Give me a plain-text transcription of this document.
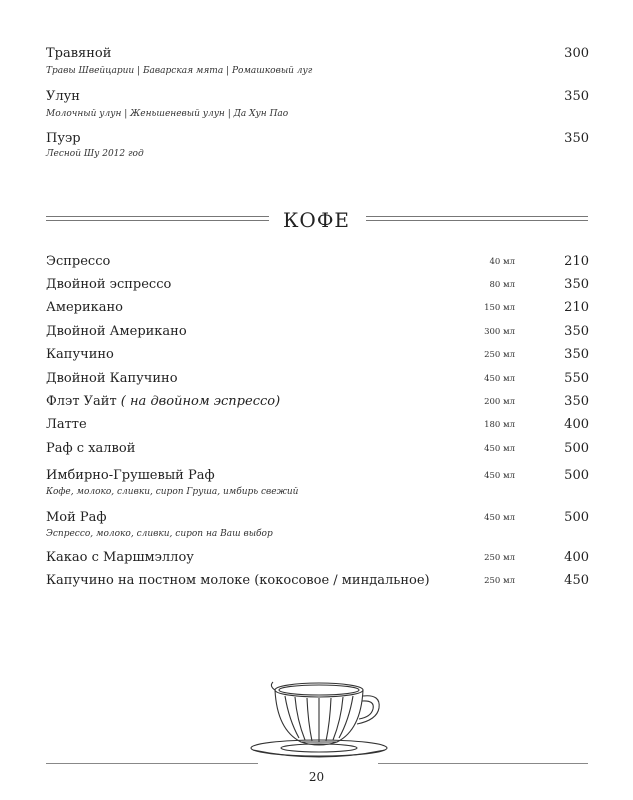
Травяной	300
Травы Швейцарии | Баварская мята | Ромашковый луг
Улун	350
Молочный улун | Женьшеневый улун | Да Хун Пао
Пуэр	350
Лесной Шу 2012 год
КОФЕ
Эспрессо	40 мл	210
Двойной эспрессо	80 мл	350
Американо	150 мл	210
Двойной Американо	300 мл	350
Капучино	250 мл	350
Двойной Капучино	450 мл	550
Флэт Уайт ( на двойном эспрессо)	200 мл	350
Латте	180 мл	400
Раф с халвой	450 мл	500
Имбирно-Грушевый Раф	450 мл	500
Кофе, молоко, сливки, сироп Груша, имбирь свежий
Мой Раф	450 мл	500
Эспрессо, молоко, сливки, сироп на Ваш выбор
Какао с Маршмэллоу	250 мл	400
Капучино на постном молоке (кокосовое / миндальное)	250 мл	450
20
